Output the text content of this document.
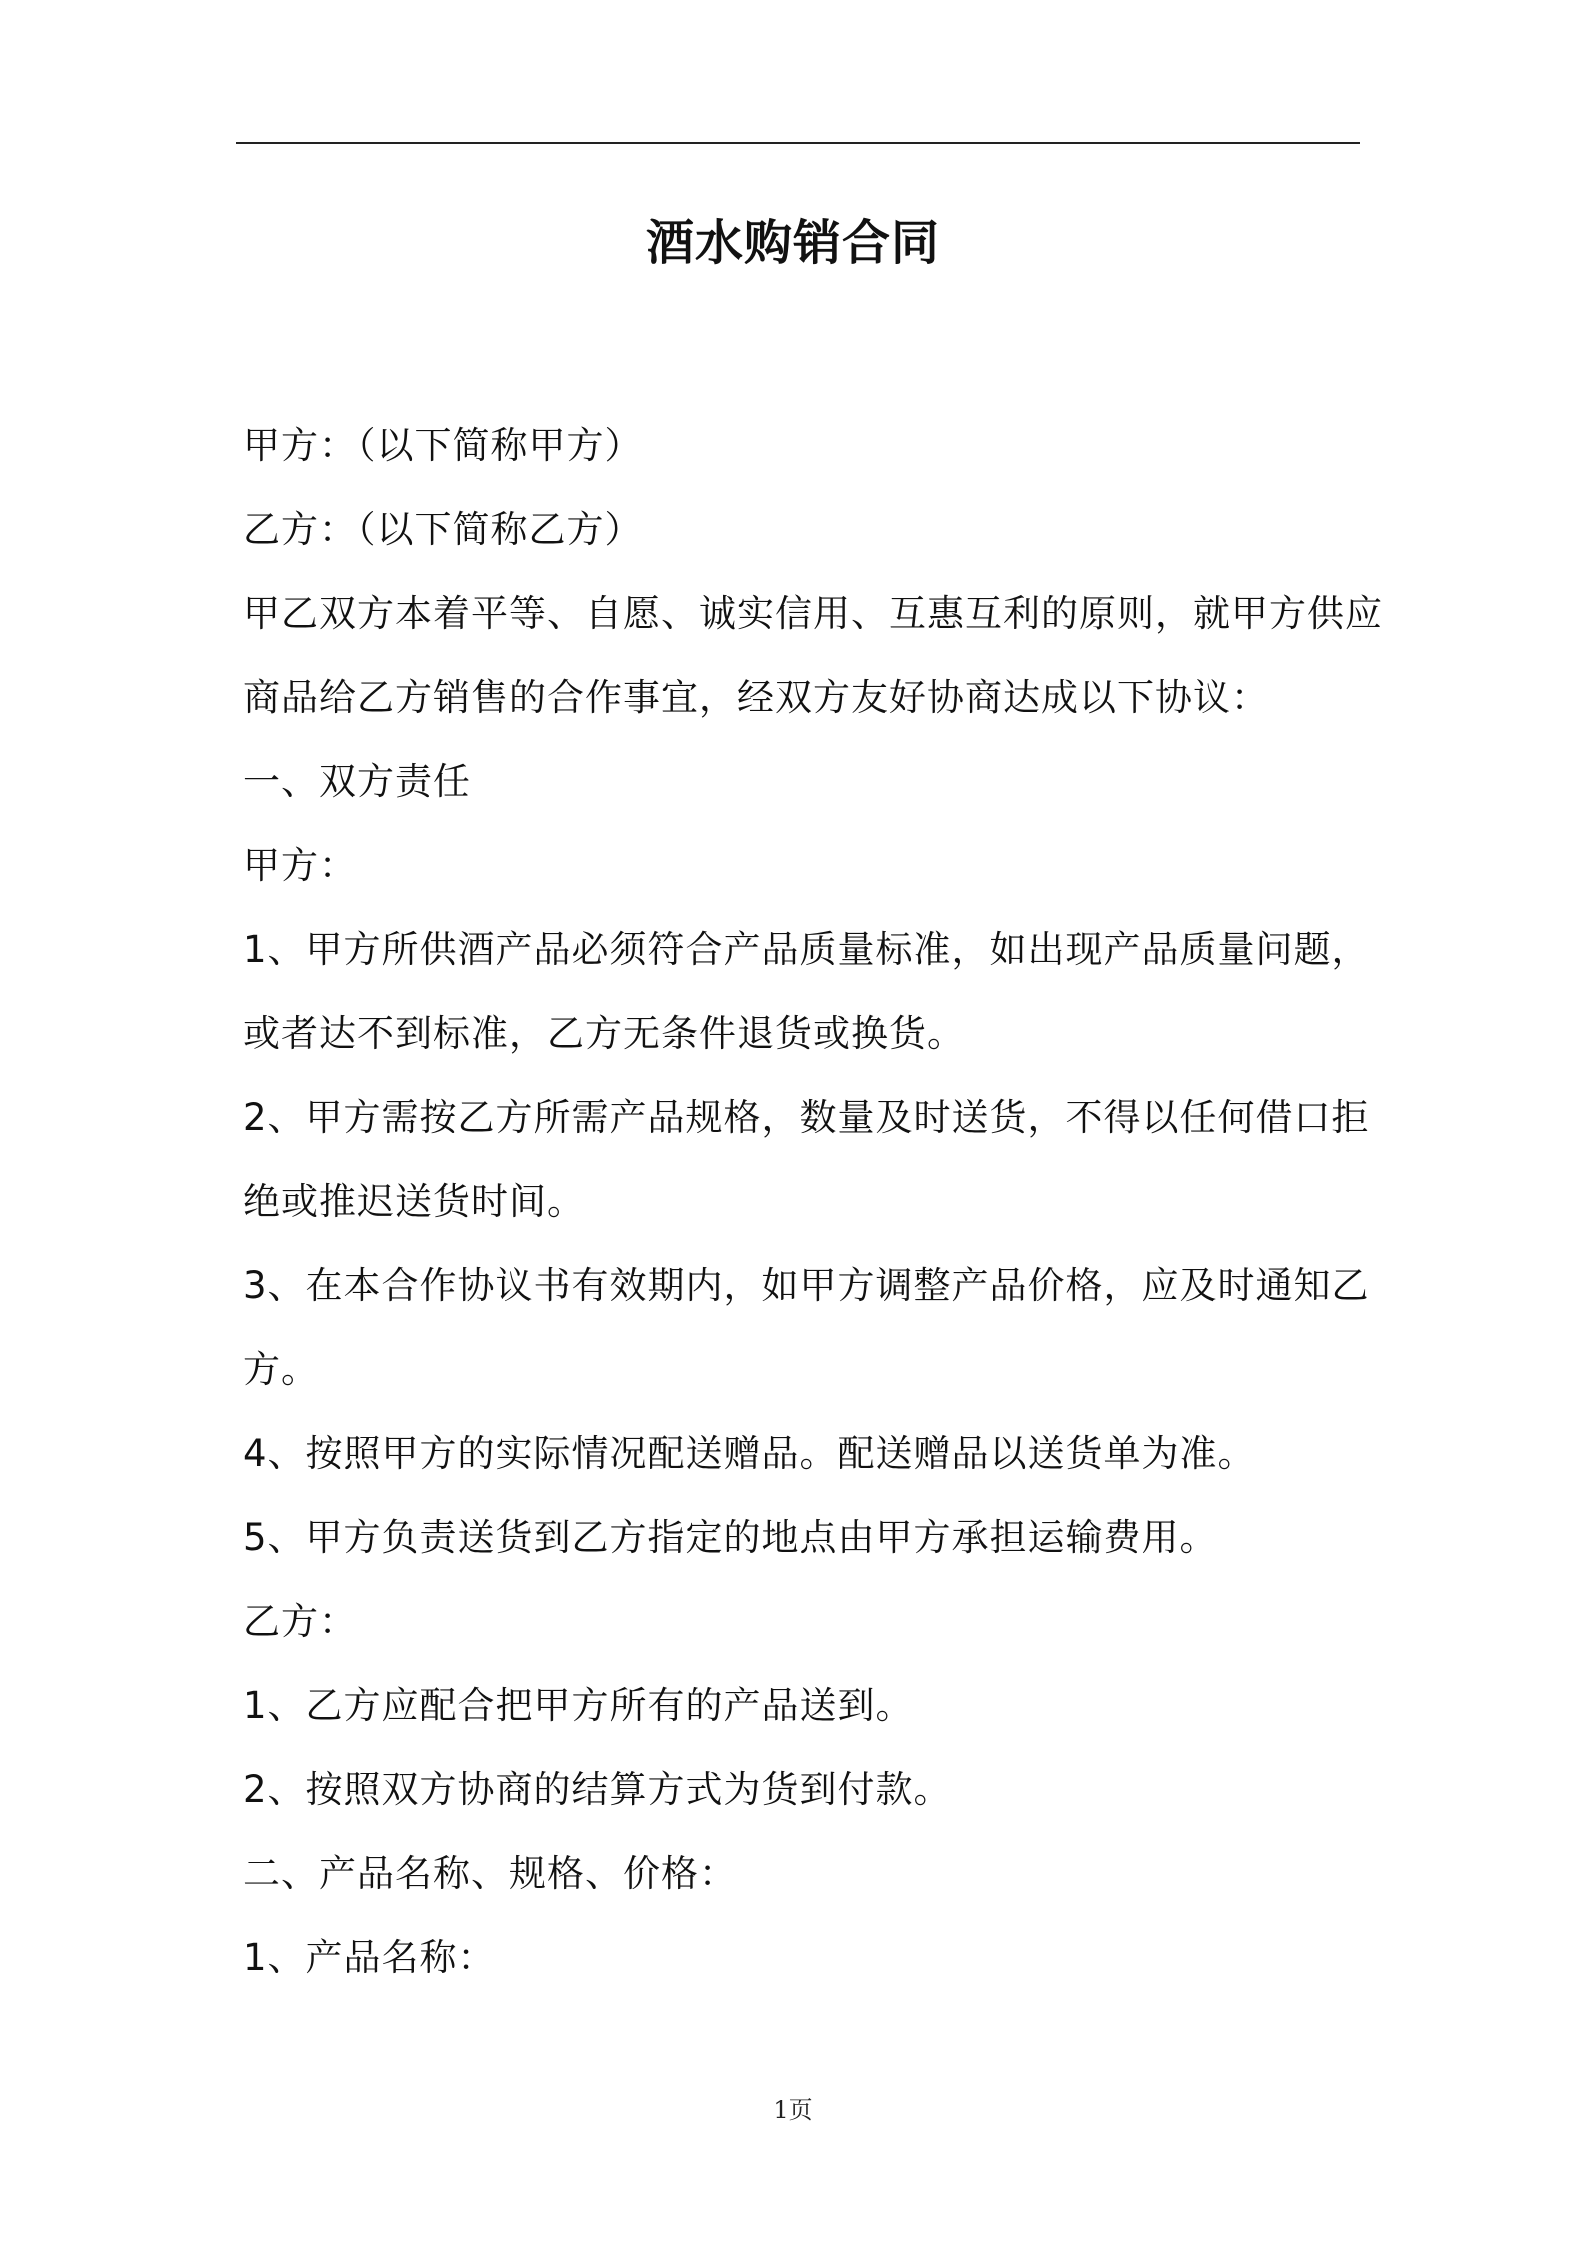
酒水购销合同
甲方：（以下简称甲方）
乙方：（以下简称乙方）
甲乙双方本着平等、自愿、诚实信用、互惠互利的原则，就甲方供应
商品给乙方销售的合作事宜，经双方友好协商达成以下协议：
一、双方责任
甲方：
1、甲方所供酒产品必须符合产品质量标准，如出现产品质量问题，
或者达不到标准，乙方无条件退货或换货。
2、甲方需按乙方所需产品规格，数量及时送货，不得以任何借口拒
绝或推迟送货时间。
3、在本合作协议书有效期内，如甲方调整产品价格，应及时通知乙
方。
4、按照甲方的实际情况配送赠品。配送赠品以送货单为准。
5、甲方负责送货到乙方指定的地点由甲方承担运输费用。
乙方：
1、乙方应配合把甲方所有的产品送到。
2、按照双方协商的结算方式为货到付款。
二、产品名称、规格、价格：
1、产品名称：
1页
